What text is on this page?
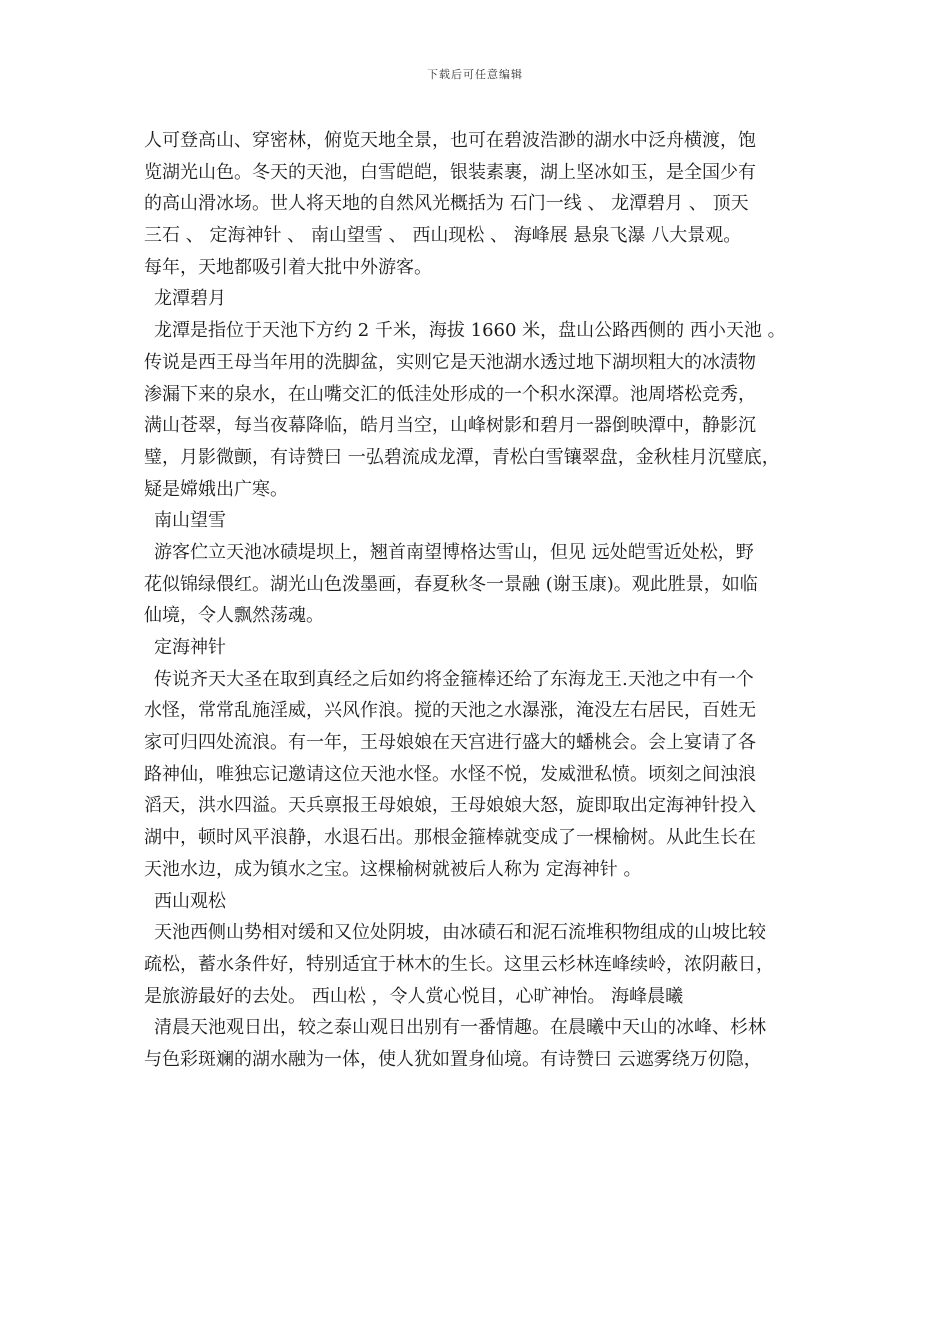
下载后可任意编辑
人可登高山、穿密林，俯览天地全景，也可在碧波浩渺的湖水中泛舟横渡，饱
览湖光山色。冬天的天池，白雪皑皑，银装素裹，湖上坚冰如玉，是全国少有
的高山滑冰场。世人将天地的自然风光概括为 石门一线 、 龙潭碧月 、 顶天
三石 、 定海神针 、 南山望雪 、 西山现松 、 海峰展 悬泉飞瀑 八大景观。
每年，天地都吸引着大批中外游客。
龙潭碧月
龙潭是指位于天池下方约 2 千米，海拔 1660 米，盘山公路西侧的 西小天池 。
传说是西王母当年用的洗脚盆，实则它是天池湖水透过地下湖坝粗大的冰渍物
渗漏下来的泉水，在山嘴交汇的低洼处形成的一个积水深潭。池周塔松竞秀，
满山苍翠，每当夜幕降临，皓月当空，山峰树影和碧月一器倒映潭中，静影沉
璧，月影微颤，有诗赞曰 一弘碧流成龙潭，青松白雪镶翠盘，金秋桂月沉璧底，
疑是嫦娥出广寒。
南山望雪
游客伫立天池冰碛堤坝上，翘首南望博格达雪山，但见 远处皑雪近处松，野
花似锦绿偎红。湖光山色泼墨画，春夏秋冬一景融 (谢玉康)。观此胜景，如临
仙境，令人飘然荡魂。
定海神针
传说齐天大圣在取到真经之后如约将金箍棒还给了东海龙王.天池之中有一个
水怪，常常乱施淫威，兴风作浪。搅的天池之水瀑涨，淹没左右居民，百姓无
家可归四处流浪。有一年，王母娘娘在天宫进行盛大的蟠桃会。会上宴请了各
路神仙，唯独忘记邀请这位天池水怪。水怪不悦，发威泄私愤。顷刻之间浊浪
滔天，洪水四溢。天兵禀报王母娘娘，王母娘娘大怒，旋即取出定海神针投入
湖中，顿时风平浪静，水退石出。那根金箍棒就变成了一棵榆树。从此生长在
天池水边，成为镇水之宝。这棵榆树就被后人称为 定海神针 。
西山观松
天池西侧山势相对缓和又位处阴坡，由冰碛石和泥石流堆积物组成的山坡比较
疏松，蓄水条件好，特别适宜于林木的生长。这里云杉林连峰续岭，浓阴蔽日，
是旅游最好的去处。 西山松 ，令人赏心悦目，心旷神怡。 海峰晨曦
清晨天池观日出，较之泰山观日出别有一番情趣。在晨曦中天山的冰峰、杉林
与色彩斑斓的湖水融为一体，使人犹如置身仙境。有诗赞曰 云遮雾绕万仞隐，
